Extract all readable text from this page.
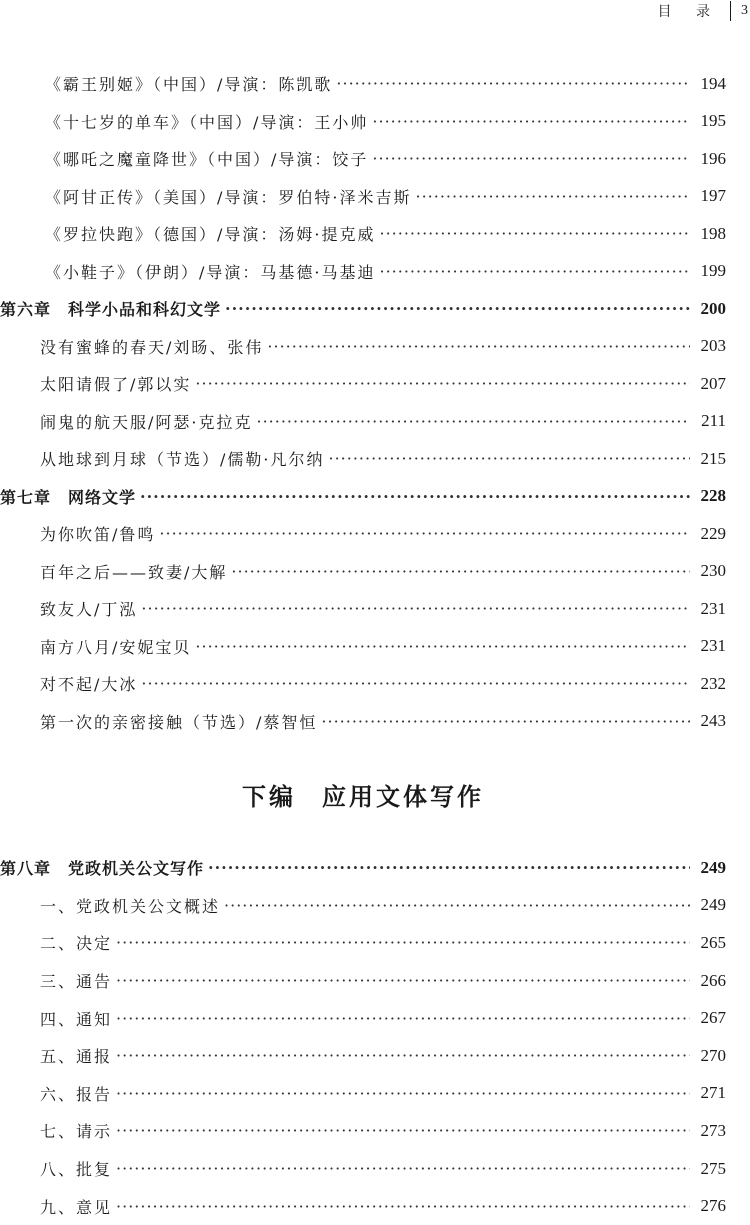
目 录 3
《霸王别姬》（中国）/导演：陈凯歌 ·····	194
《十七岁的单车》（中国）/导演：王小帅 ·····	195
《哪吒之魔童降世》（中国）/导演：饺子 ·····	196
《阿甘正传》（美国）/导演：罗伯特·泽米吉斯 ·····	197
《罗拉快跑》（德国）/导演：汤姆·提克威 ·····	198
《小鞋子》（伊朗）/导演：马基德·马基迪 ·····	199
第六章　科学小品和科幻文学 ·····	200
没有蜜蜂的春天/刘旸、张伟 ·····	203
太阳请假了/郭以实 ·····	207
闹鬼的航天服/阿瑟·克拉克 ·····	211
从地球到月球（节选）/儒勒·凡尔纳 ·····	215
第七章　网络文学 ·····	228
为你吹笛/鲁鸣 ·····	229
百年之后——致妻/大解 ·····	230
致友人/丁泓 ·····	231
南方八月/安妮宝贝 ·····	231
对不起/大冰 ·····	232
第一次的亲密接触（节选）/蔡智恒 ·····	243
下编 应用文体写作
第八章　党政机关公文写作 ·····	249
一、党政机关公文概述 ·····	249
二、决定 ·····	265
三、通告 ·····	266
四、通知 ·····	267
五、通报 ·····	270
六、报告 ·····	271
七、请示 ·····	273
八、批复 ·····	275
九、意见 ·····	276
